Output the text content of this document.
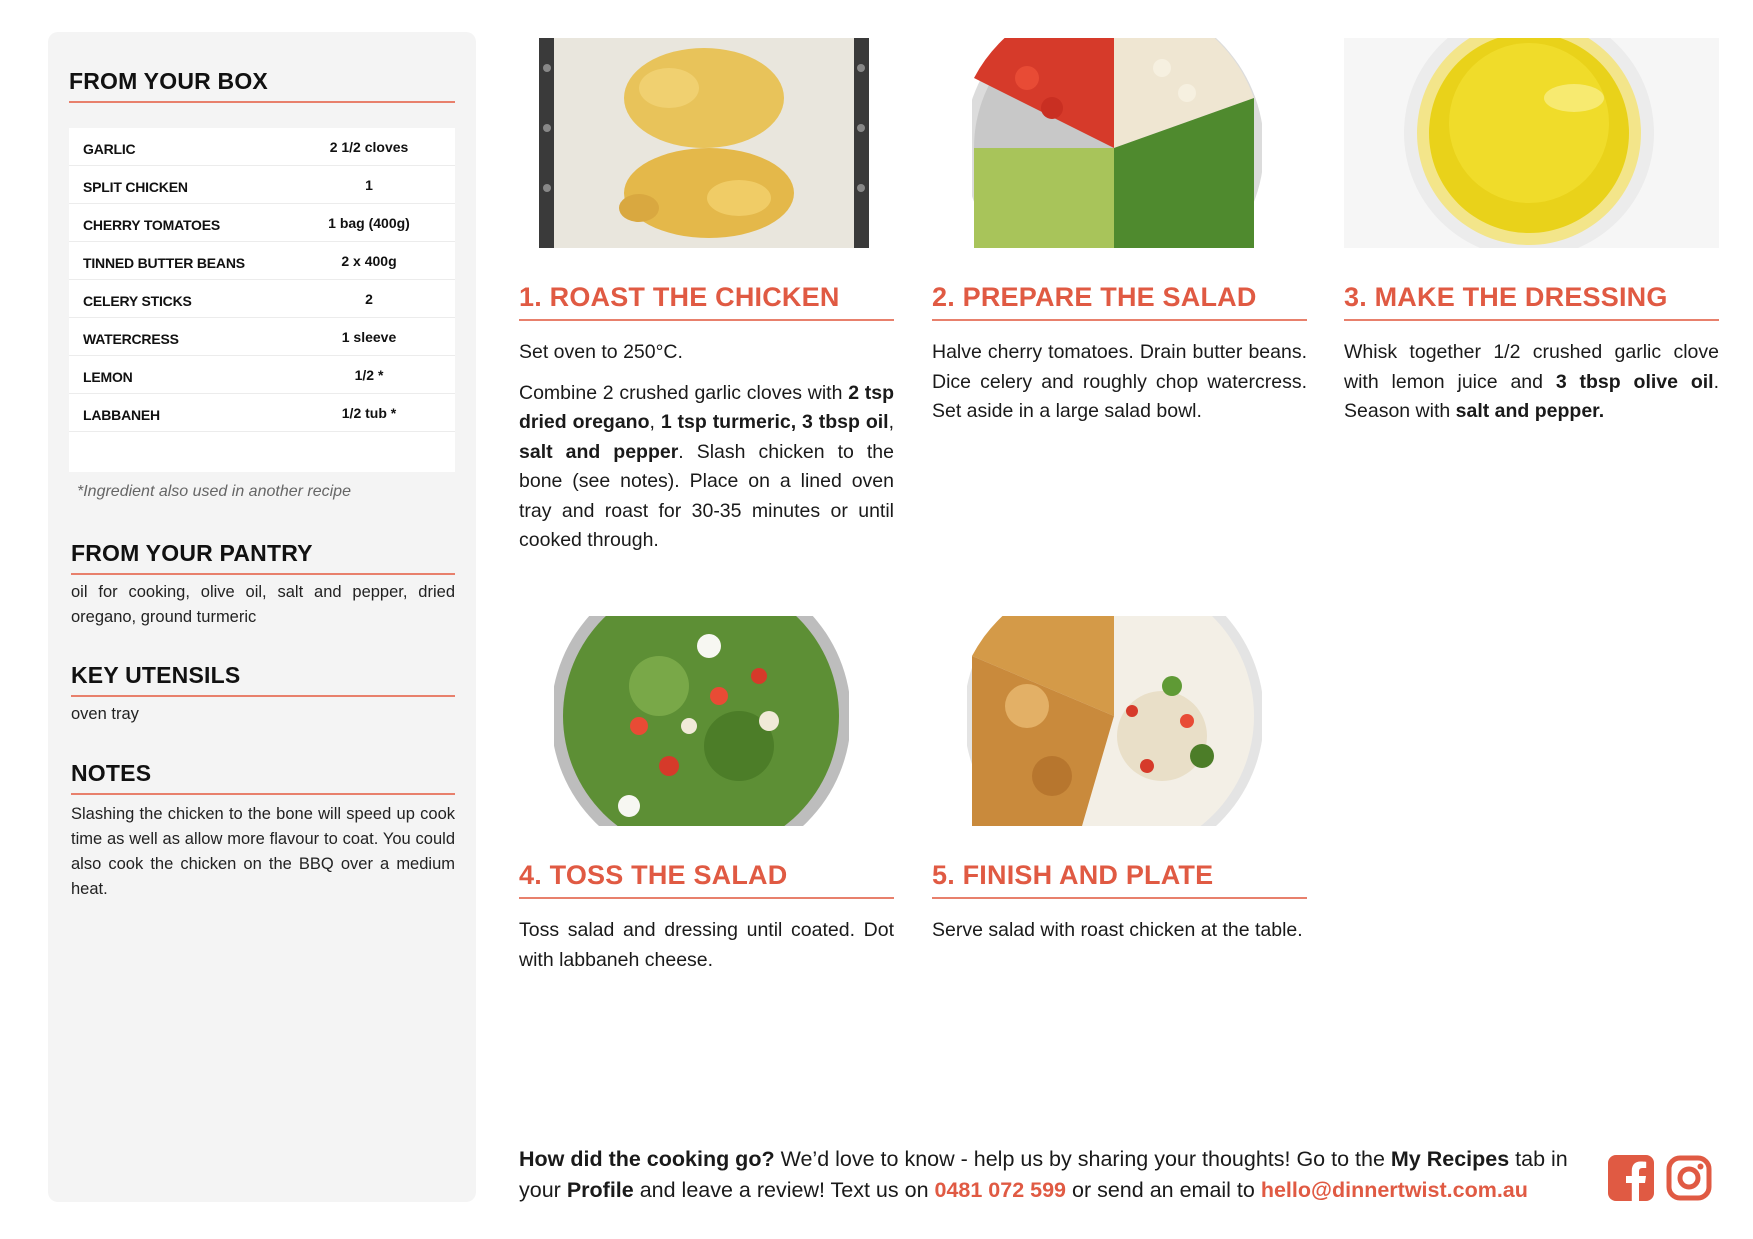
FROM YOUR BOX
GARLIC	2 1/2 cloves
SPLIT CHICKEN	1
CHERRY TOMATOES	1 bag (400g)
TINNED BUTTER BEANS	2 x 400g
CELERY STICKS	2
WATERCRESS	1 sleeve
LEMON	1/2 *
LABBANEH	1/2 tub *
*Ingredient also used in another recipe
FROM YOUR PANTRY
oil for cooking, olive oil, salt and pepper, dried oregano, ground turmeric
KEY UTENSILS
oven tray
NOTES
Slashing the chicken to the bone will speed up cook time as well as allow more flavour to coat. You could also cook the chicken on the BBQ over a medium heat.
1. ROAST THE CHICKEN

Set oven to 250°C.

Combine 2 crushed garlic cloves with 2 tsp dried oregano, 1 tsp turmeric, 3 tbsp oil, salt and pepper. Slash chicken to the bone (see notes). Place on a lined oven tray and roast for 30-35 minutes or until cooked through.

2. PREPARE THE SALAD

Halve cherry tomatoes. Drain butter beans. Dice celery and roughly chop watercress. Set aside in a large salad bowl.

3. MAKE THE DRESSING

Whisk together 1/2 crushed garlic clove with lemon juice and 3 tbsp olive oil. Season with salt and pepper.

4. TOSS THE SALAD

Toss salad and dressing until coated. Dot with labbaneh cheese.

5. FINISH AND PLATE

Serve salad with roast chicken at the table.

How did the cooking go? We’d love to know - help us by sharing your thoughts! Go to the My Recipes tab in your Profile and leave a review! Text us on 0481 072 599 or send an email to hello@dinnertwist.com.au
